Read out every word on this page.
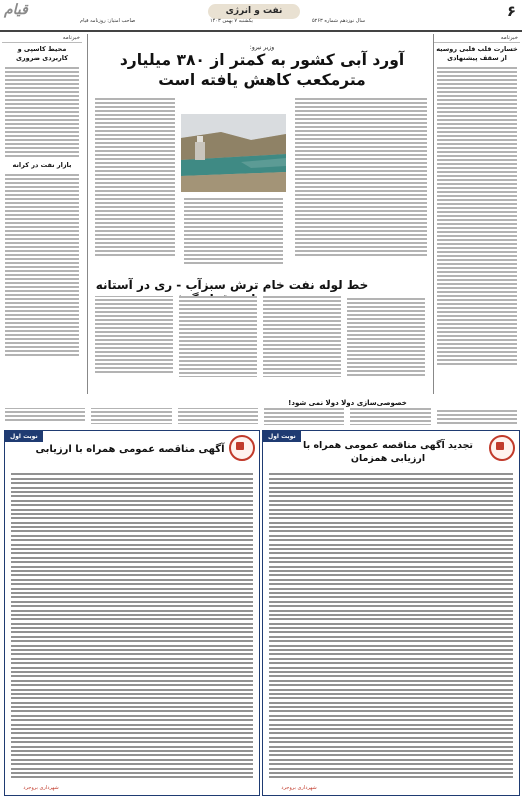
۶
نفت و انرژی
قیام
سال نوزدهم شماره ۵۲۶۳
یکشنبه ۷ بهمن ۱۴۰۳
صاحب امتیاز: روزنامه قیام
خبرنامه
خسارت قلب قلبی روسیه از سقف پیشنهادی
خبرنامه
محیط کاسپی و کاربردی ضروری
بازار نفت در کرانه
وزیر نیرو:
آورد آبی کشور به کمتر از ۳۸۰ میلیارد مترمکعب کاهش یافته است
خط لوله نفت خام ترش سبزآب - ری در آستانه
خصوصی‌سازی دولا دولا نمی شود!
نوبت اول
تجدید آگهی مناقصه عمومی همراه با ارزیابی همزمان
شهرداری بروجرد
نوبت اول
آگهی مناقصه عمومی همراه با ارزیابی
شهرداری بروجرد
